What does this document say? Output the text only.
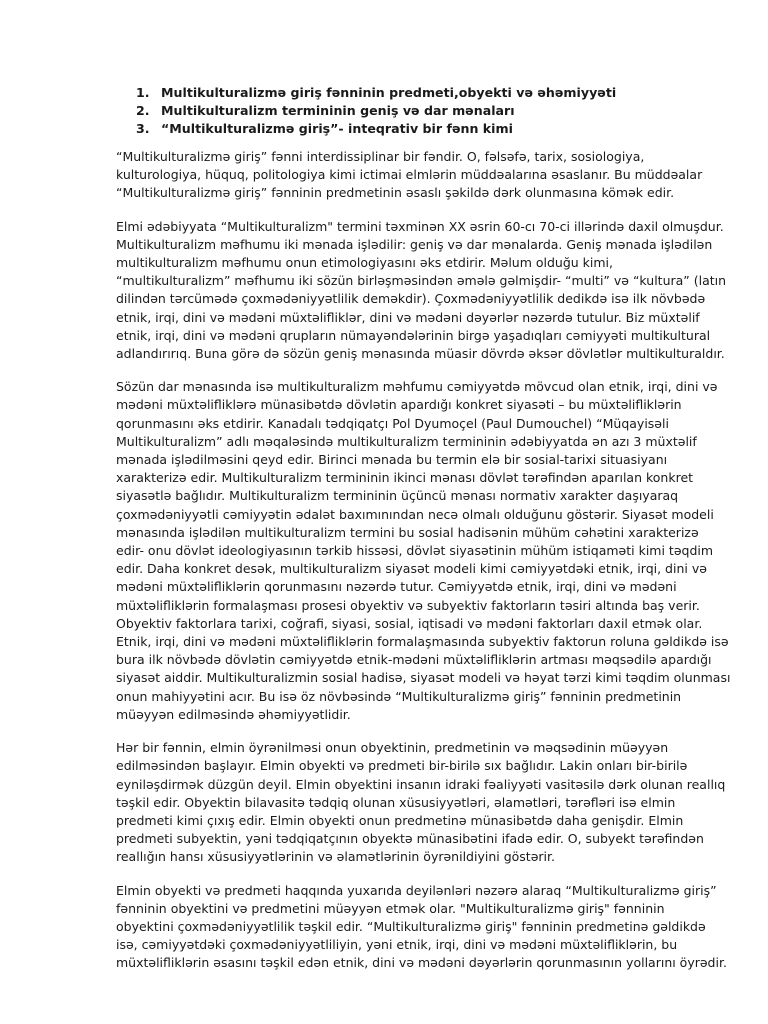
1. Multikulturalizmə giriş fənninin predmeti,obyekti və əhəmiyyəti
2. Multikulturalizm termininin geniş və dar mənaları
3. “Multikulturalizmə giriş”- inteqrativ bir fənn kimi

“Multikulturalizmə giriş” fənni interdissiplinar bir fəndir. O, fəlsəfə, tarix, sosiologiya,
kulturologiya, hüquq, politologiya kimi ictimai elmlərin müddəalarına əsaslanır. Bu müddəalar
“Multikulturalizmə giriş” fənninin predmetinin əsaslı şəkildə dərk olunmasına kömək edir.

Elmi ədəbiyyata “Multikulturalizm" termini təxminən XX əsrin 60-cı 70-ci illərində daxil olmuşdur.
Multikulturalizm məfhumu iki mənada işlədilir: geniş və dar mənalarda. Geniş mənada işlədilən
multikulturalizm məfhumu onun etimologiyasını əks etdirir. Məlum olduğu kimi,
“multikulturalizm” məfhumu iki sözün birləşməsindən əmələ gəlmişdir- “multi” və “kultura” (latın
dilindən tərcümədə çoxmədəniyyətlilik deməkdir). Çoxmədəniyyətlilik dedikdə isə ilk növbədə
etnik, irqi, dini və mədəni müxtəlifliklər, dini və mədəni dəyərlər nəzərdə tutulur. Biz müxtəlif
etnik, irqi, dini və mədəni qrupların nümayəndələrinin birgə yaşadıqları cəmiyyəti multikultural
adlandırırıq. Buna görə də sözün geniş mənasında müasir dövrdə əksər dövlətlər multikulturaldır.

Sözün dar mənasında isə multikulturalizm məhfumu cəmiyyətdə mövcud olan etnik, irqi, dini və
mədəni müxtəlifliklərə münasibətdə dövlətin apardığı konkret siyasəti – bu müxtəlifliklərin
qorunmasını əks etdirir. Kanadalı tədqiqatçı Pol Dyumoçel (Paul Dumouchel) “Müqayisəli
Multikulturalizm” adlı məqaləsində multikulturalizm termininin ədəbiyyatda ən azı 3 müxtəlif
mənada işlədilməsini qeyd edir. Birinci mənada bu termin elə bir sosial-tarixi situasiyanı
xarakterizə edir. Multikulturalizm termininin ikinci mənası dövlət tərəfindən aparılan konkret
siyasətlə bağlıdır. Multikulturalizm termininin üçüncü mənası normativ xarakter daşıyaraq
çoxmədəniyyətli cəmiyyətin ədalət baxımınından necə olmalı olduğunu göstərir. Siyasət modeli
mənasında işlədilən multikulturalizm termini bu sosial hadisənin mühüm cəhətini xarakterizə
edir- onu dövlət ideologiyasının tərkib hissəsi, dövlət siyasətinin mühüm istiqaməti kimi təqdim
edir. Daha konkret desək, multikulturalizm siyasət modeli kimi cəmiyyətdəki etnik, irqi, dini və
mədəni müxtəlifliklərin qorunmasını nəzərdə tutur. Cəmiyyətdə etnik, irqi, dini və mədəni
müxtəlifliklərin formalaşması prosesi obyektiv və subyektiv faktorların təsiri altında baş verir.
Obyektiv faktorlara tarixi, coğrafi, siyasi, sosial, iqtisadi və mədəni faktorları daxil etmək olar.
Etnik, irqi, dini və mədəni müxtəlifliklərin formalaşmasında subyektiv faktorun roluna gəldikdə isə
bura ilk növbədə dövlətin cəmiyyətdə etnik-mədəni müxtəlifliklərin artması məqsədilə apardığı
siyasət aiddir. Multikulturalizmin sosial hadisə, siyasət modeli və həyat tərzi kimi təqdim olunması
onun mahiyyətini acır. Bu isə öz növbəsində “Multikulturalizmə giriş” fənninin predmetinin
müəyyən edilməsində əhəmiyyətlidir.

Hər bir fənnin, elmin öyrənilməsi onun obyektinin, predmetinin və məqsədinin müəyyən
edilməsindən başlayır. Elmin obyekti və predmeti bir-birilə sıx bağlıdır. Lakin onları bir-birilə
eyniləşdirmək düzgün deyil. Elmin obyektini insanın idraki fəaliyyəti vasitəsilə dərk olunan reallıq
təşkil edir. Obyektin bilavasitə tədqiq olunan xüsusiyyətləri, əlamətləri, tərəfləri isə elmin
predmeti kimi çıxış edir. Elmin obyekti onun predmetinə münasibətdə daha genişdir. Elmin
predmeti subyektin, yəni tədqiqatçının obyektə münasibətini ifadə edir. O, subyekt tərəfindən
reallığın hansı xüsusiyyətlərinin və əlamətlərinin öyrənildiyini göstərir.

Elmin obyekti və predmeti haqqında yuxarıda deyilənləri nəzərə alaraq “Multikulturalizmə giriş”
fənninin obyektini və predmetini müəyyən etmək olar. "Multikulturalizmə giriş" fənninin
obyektini çoxmədəniyyətlilik təşkil edir. “Multikulturalizmə giriş" fənninin predmetinə gəldikdə
isə, cəmiyyətdəki çoxmədəniyyətliliyin, yəni etnik, irqi, dini və mədəni müxtəlifliklərin, bu
müxtəlifliklərin əsasını təşkil edən etnik, dini və mədəni dəyərlərin qorunmasının yollarını öyrədir.
